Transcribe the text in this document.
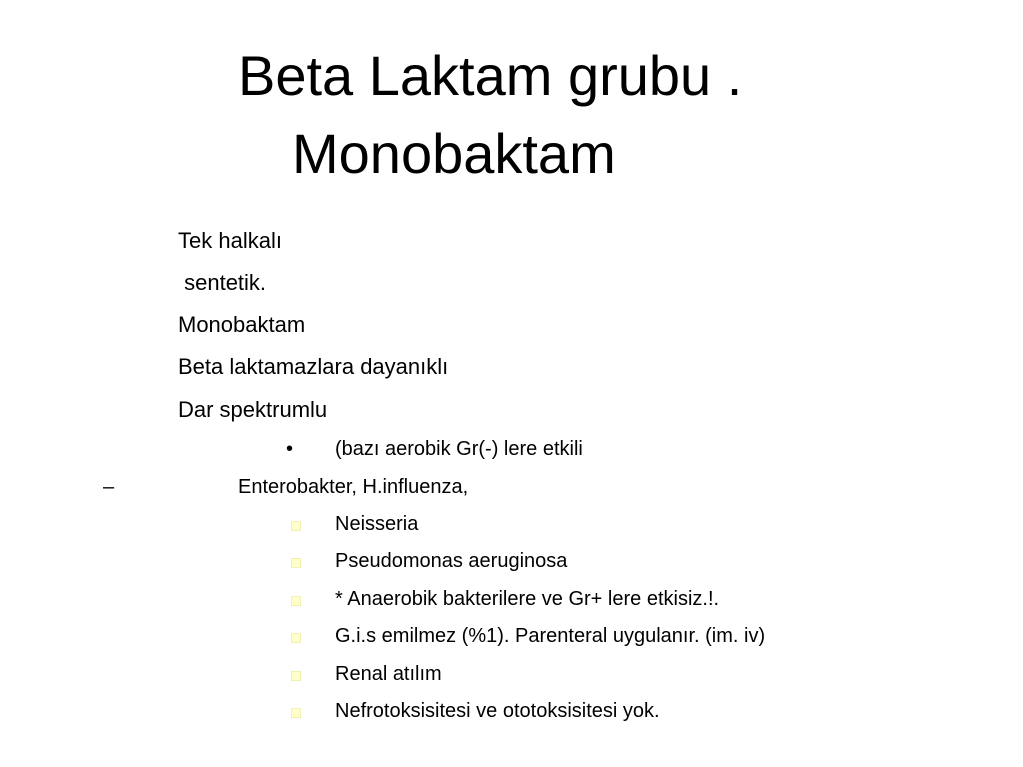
Beta Laktam grubu .
Monobaktam
Tek halkalı
sentetik.
Monobaktam
Beta laktamazlara dayanıklı
Dar spektrumlu
• (bazı aerobik Gr(-) lere etkili
–	Enterobakter, H.influenza,
Neisseria
Pseudomonas aeruginosa
* Anaerobik bakterilere ve Gr+ lere etkisiz.!.
G.i.s emilmez (%1). Parenteral uygulanır. (im. iv)
Renal atılım
Nefrotoksisitesi ve ototoksisitesi yok.
